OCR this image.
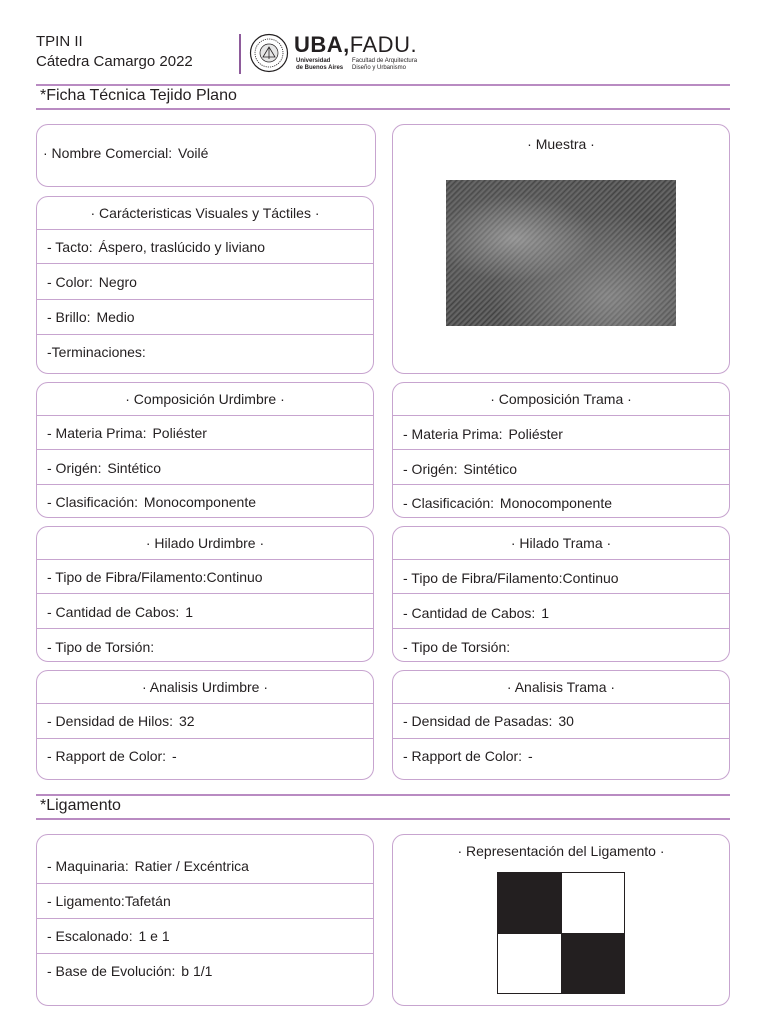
TPIN II
Cátedra Camargo 2022
UBA,FADU.
Universidad
de Buenos Aires
Facultad de Arquitectura
Diseño y Urbanismo
*Ficha Técnica Tejido Plano
· Nombre Comercial: Voilé
· Carácteristicas Visuales y Táctiles ·
- Tacto: Áspero, traslúcido y liviano
- Color: Negro
- Brillo: Medio
-Terminaciones:
· Muestra ·
· Composición Urdimbre ·
- Materia Prima: Poliéster
- Origén: Sintético
- Clasificación: Monocomponente
· Composición Trama ·
- Materia Prima: Poliéster
- Origén: Sintético
- Clasificación: Monocomponente
· Hilado Urdimbre ·
- Tipo de Fibra/Filamento:Continuo
- Cantidad de Cabos: 1
- Tipo de Torsión:
· Hilado Trama ·
- Tipo de Fibra/Filamento:Continuo
- Cantidad de Cabos: 1
- Tipo de Torsión:
· Analisis Urdimbre ·
- Densidad de Hilos: 32
- Rapport de Color: -
· Analisis Trama ·
- Densidad de Pasadas: 30
- Rapport de Color: -
*Ligamento
- Maquinaria: Ratier / Excéntrica
- Ligamento:Tafetán
- Escalonado: 1 e 1
- Base de Evolución: b 1/1
· Representación del Ligamento ·
